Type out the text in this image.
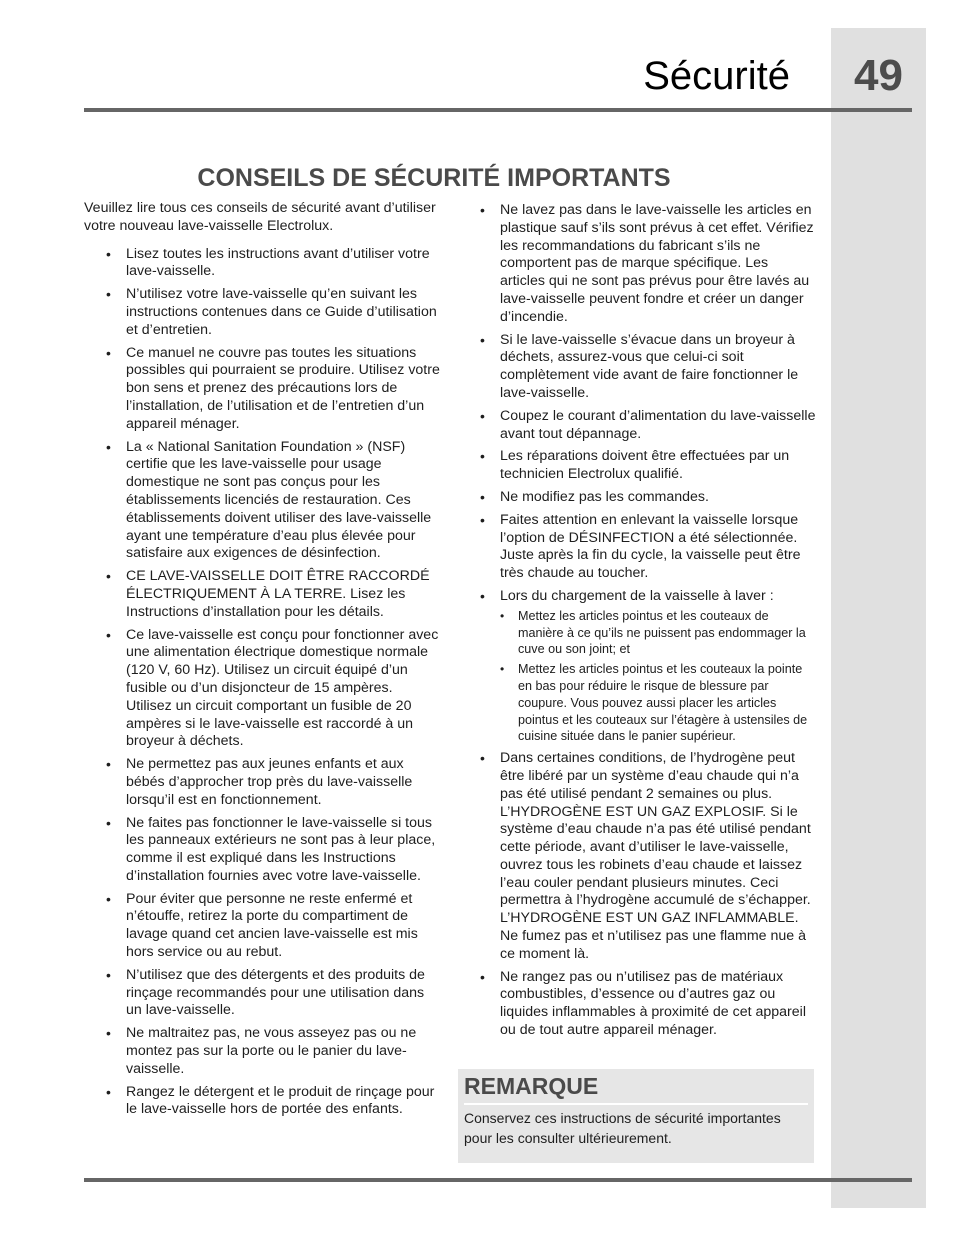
49
Sécurité
CONSEILS DE SÉCURITÉ IMPORTANTS

Veuillez lire tous ces conseils de sécurité avant d’utiliser votre nouveau lave-vaisselle Electrolux.

• Lisez toutes les instructions avant d’utiliser votre lave-vaisselle.
• N’utilisez votre lave-vaisselle qu’en suivant les instructions contenues dans ce Guide d’utilisation et d’entretien.
• Ce manuel ne couvre pas toutes les situations possibles qui pourraient se produire. Utilisez votre bon sens et prenez des précautions lors de l’installation, de l’utilisation et de l’entretien d’un appareil ménager.
• La « National Sanitation Foundation » (NSF) certifie que les lave-vaisselle pour usage domestique ne sont pas conçus pour les établissements licenciés de restauration. Ces établissements doivent utiliser des lave-vaisselle ayant une température d’eau plus élevée pour satisfaire aux exigences de désinfection.
• CE LAVE-VAISSELLE DOIT ÊTRE RACCORDÉ ÉLECTRIQUEMENT À LA TERRE. Lisez les Instructions d’installation pour les détails.
• Ce lave-vaisselle est conçu pour fonctionner avec une alimentation électrique domestique normale (120 V, 60 Hz). Utilisez un circuit équipé d’un fusible ou d’un disjoncteur de 15 ampères. Utilisez un circuit comportant un fusible de 20 ampères si le lave-vaisselle est raccordé à un broyeur à déchets.
• Ne permettez pas aux jeunes enfants et aux bébés d’approcher trop près du lave-vaisselle lorsqu’il est en fonctionnement.
• Ne faites pas fonctionner le lave-vaisselle si tous les panneaux extérieurs ne sont pas à leur place, comme il est expliqué dans les Instructions d’installation fournies avec votre lave-vaisselle.
• Pour éviter que personne ne reste enfermé et n’étouffe, retirez la porte du compartiment de lavage quand cet ancien lave-vaisselle est mis hors service ou au rebut.
• N’utilisez que des détergents et des produits de rinçage recommandés pour une utilisation dans un lave-vaisselle.
• Ne maltraitez pas, ne vous asseyez pas ou ne montez pas sur la porte ou le panier du lave-vaisselle.
• Rangez le détergent et le produit de rinçage pour le lave-vaisselle hors de portée des enfants.
• Ne lavez pas dans le lave-vaisselle les articles en plastique sauf s’ils sont prévus à cet effet. Vérifiez les recommandations du fabricant s’ils ne comportent pas de marque spécifique. Les articles qui ne sont pas prévus pour être lavés au lave-vaisselle peuvent fondre et créer un danger d’incendie.
• Si le lave-vaisselle s’évacue dans un broyeur à déchets, assurez-vous que celui-ci soit complètement vide avant de faire fonctionner le lave-vaisselle.
• Coupez le courant d’alimentation du lave-vaisselle avant tout dépannage.
• Les réparations doivent être effectuées par un technicien Electrolux qualifié.
• Ne modifiez pas les commandes.
• Faites attention en enlevant la vaisselle lorsque l’option de DÉSINFECTION a été sélectionnée. Juste après la fin du cycle, la vaisselle peut être très chaude au toucher.
• Lors du chargement de la vaisselle à laver :
• Mettez les articles pointus et les couteaux de manière à ce qu’ils ne puissent pas endommager la cuve ou son joint; et
• Mettez les articles pointus et les couteaux la pointe en bas pour réduire le risque de blessure par coupure. Vous pouvez aussi placer les articles pointus et les couteaux sur l’étagère à ustensiles de cuisine située dans le panier supérieur.
• Dans certaines conditions, de l’hydrogène peut être libéré par un système d’eau chaude qui n’a pas été utilisé pendant 2 semaines ou plus. L’HYDROGÈNE EST UN GAZ EXPLOSIF. Si le système d’eau chaude n’a pas été utilisé pendant cette période, avant d’utiliser le lave-vaisselle, ouvrez tous les robinets d’eau chaude et laissez l’eau couler pendant plusieurs minutes. Ceci permettra à l’hydrogène accumulé de s’échapper. L’HYDROGÈNE EST UN GAZ INFLAMMABLE. Ne fumez pas et n’utilisez pas une flamme nue à ce moment là.
• Ne rangez pas ou n’utilisez pas de matériaux combustibles, d’essence ou d’autres gaz ou liquides inflammables à proximité de cet appareil ou de tout autre appareil ménager.
REMARQUE
Conservez ces instructions de sécurité importantes pour les consulter ultérieurement.
